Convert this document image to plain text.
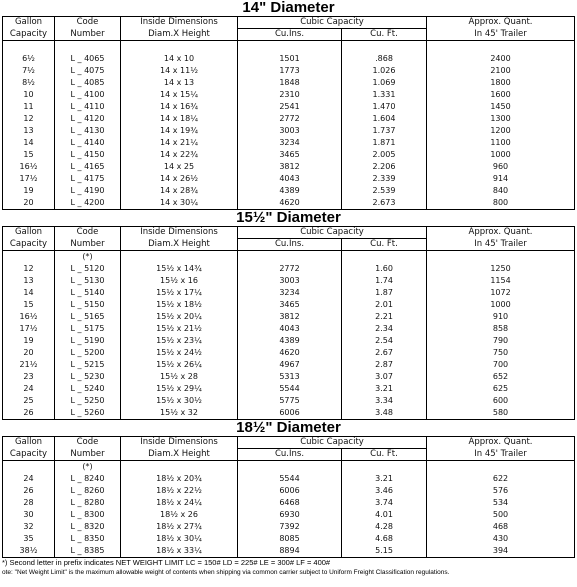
14" Diameter
Gallon	Code	Inside Dimensions	Cubic Capacity		Approx. Quant.
Capacity	Number	Diam.X Height	Cu.Ins.	Cu. Ft.	In 45' Trailer

6½	L _ 4065	14 x 10	1501	.868	2400
7½	L _ 4075	14 x 11½	1773	1.026	2100
8½	L _ 4085	14 x 13	1848	1.069	1800
10	L _ 4100	14 x 15¼	2310	1.331	1600
11	L _ 4110	14 x 16¾	2541	1.470	1450
12	L _ 4120	14 x 18¼	2772	1.604	1300
13	L _ 4130	14 x 19¾	3003	1.737	1200
14	L _ 4140	14 x 21¼	3234	1.871	1100
15	L _ 4150	14 x 22¾	3465	2.005	1000
16½	L _ 4165	14 x 25	3812	2.206	960
17½	L _ 4175	14 x 26½	4043	2.339	914
19	L _ 4190	14 x 28¾	4389	2.539	840
20	L _ 4200	14 x 30¼	4620	2.673	800
15½" Diameter
Gallon	Code	Inside Dimensions	Cubic Capacity		Approx. Quant.
Capacity	Number	Diam.X Height	Cu.Ins.	Cu. Ft.	In 45' Trailer
	(*)				
12	L _ 5120	15½ x 14¾	2772	1.60	1250
13	L _ 5130	15½ x 16	3003	1.74	1154
14	L _ 5140	15½ x 17¼	3234	1.87	1072
15	L _ 5150	15½ x 18½	3465	2.01	1000
16½	L _ 5165	15½ x 20¼	3812	2.21	910
17½	L _ 5175	15½ x 21½	4043	2.34	858
19	L _ 5190	15½ x 23¼	4389	2.54	790
20	L _ 5200	15½ x 24½	4620	2.67	750
21½	L _ 5215	15½ x 26¼	4967	2.87	700
23	L _ 5230	15½ x 28	5313	3.07	652
24	L _ 5240	15½ x 29¼	5544	3.21	625
25	L _ 5250	15½ x 30½	5775	3.34	600
26	L _ 5260	15½ x 32	6006	3.48	580
18½" Diameter
Gallon	Code	Inside Dimensions	Cubic Capacity		Approx. Quant.
Capacity	Number	Diam.X Height	Cu.Ins.	Cu. Ft.	In 45' Trailer
	(*)				
24	L _ 8240	18½ x 20¾	5544	3.21	622
26	L _ 8260	18½ x 22½	6006	3.46	576
28	L _ 8280	18½ x 24¼	6468	3.74	534
30	L _ 8300	18½ x 26	6930	4.01	500
32	L _ 8320	18½ x 27¾	7392	4.28	468
35	L _ 8350	18½ x 30¼	8085	4.68	430
38½	L _ 8385	18½ x 33¼	8894	5.15	394
*) Second letter in prefix indicates NET WEIGHT LIMIT LC = 150# LD = 225# LE = 300# LF = 400#
ote: "Net Weight Limit" is the maximum allowable weight of contents when shipping via common carrier subject to Uniform Freight Classification regulations.
